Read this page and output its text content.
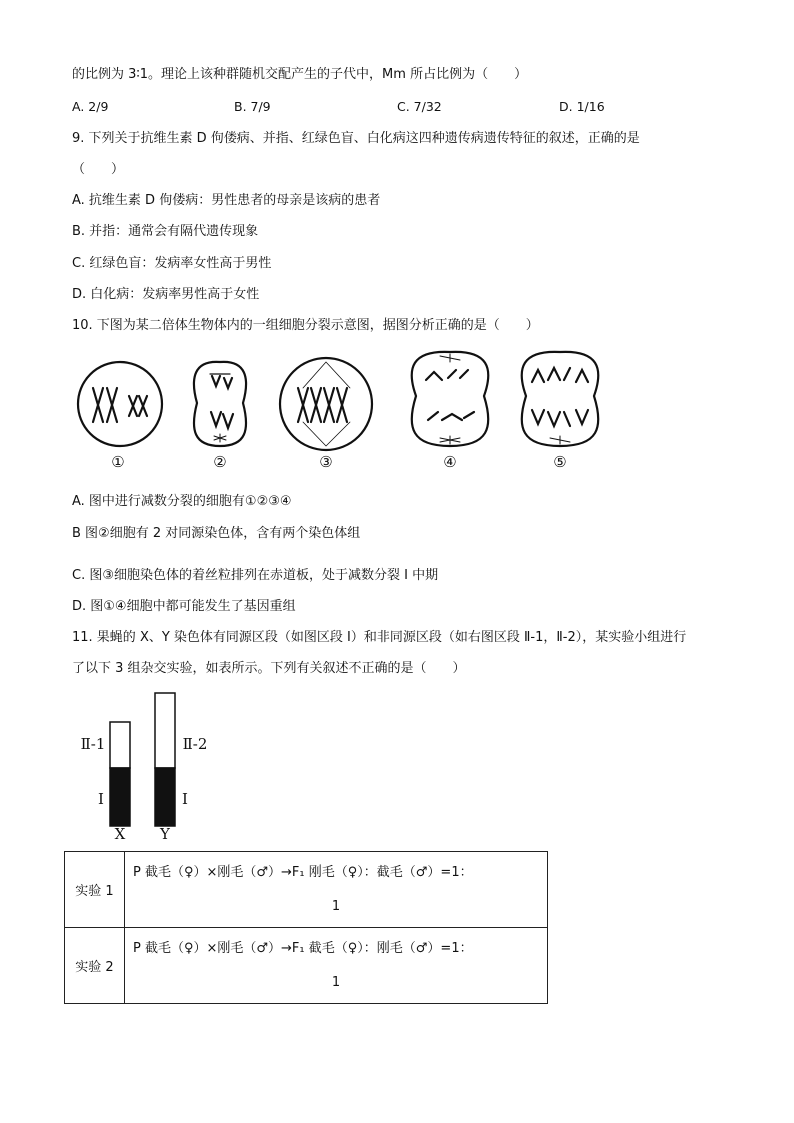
的比例为 3∶1。理论上该种群随机交配产生的子代中，Mm 所占比例为（　　）
A. 2/9	B. 7/9	C. 7/32	D. 1/16
9. 下列关于抗维生素 D 佝偻病、并指、红绿色盲、白化病这四种遗传病遗传特征的叙述，正确的是
（　　）
A. 抗维生素 D 佝偻病：男性患者的母亲是该病的患者
B. 并指：通常会有隔代遗传现象
C. 红绿色盲：发病率女性高于男性
D. 白化病：发病率男性高于女性
10. 下图为某二倍体生物体内的一组细胞分裂示意图，据图分析正确的是（　　）
①	②	③	④	⑤
A. 图中进行减数分裂的细胞有①②③④
B 图②细胞有 2 对同源染色体，含有两个染色体组
C. 图③细胞染色体的着丝粒排列在赤道板，处于减数分裂 I 中期
D. 图①④细胞中都可能发生了基因重组
11. 果蝇的 X、Y 染色体有同源区段（如图区段 I）和非同源区段（如右图区段 Ⅱ-1，Ⅱ-2），某实验小组进行
了以下 3 组杂交实验，如表所示。下列有关叙述不正确的是（　　）
Ⅱ-1	Ⅱ-2
I	I
X	Y
实验 1	P 截毛（♀）×刚毛（♂）→F₁ 刚毛（♀）：截毛（♂）=1：
1

实验 2	P 截毛（♀）×刚毛（♂）→F₁ 截毛（♀）：刚毛（♂）=1：
1
